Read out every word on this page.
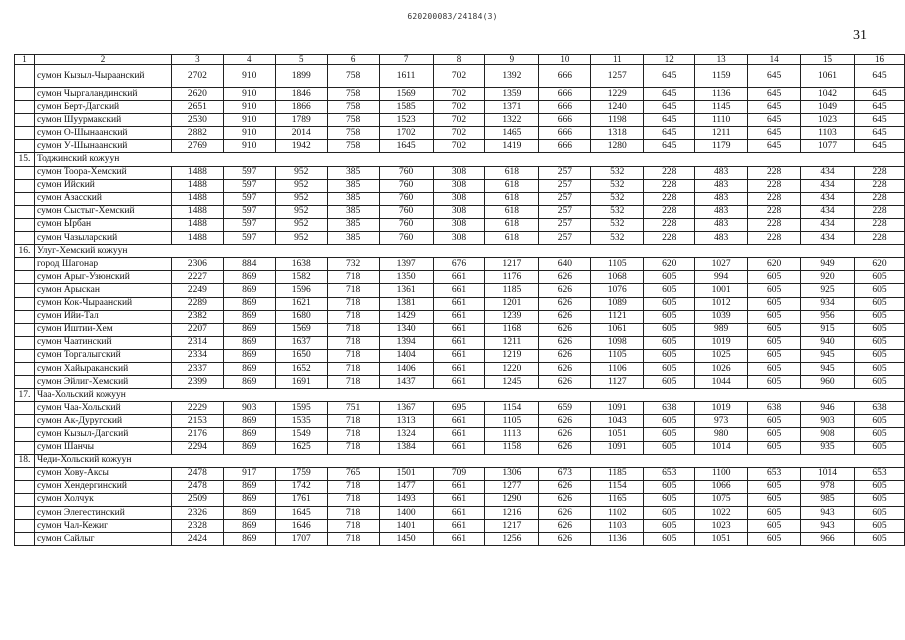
620200083/24184(3)
31
1	2	3	4	5	6	7	8	9	10	11	12	13	14	15	16
	сумон Кызыл-Чыраанский	2702	910	1899	758	1611	702	1392	666	1257	645	1159	645	1061	645
	сумон Чыргаландинский	2620	910	1846	758	1569	702	1359	666	1229	645	1136	645	1042	645
	сумон Берт-Дагский	2651	910	1866	758	1585	702	1371	666	1240	645	1145	645	1049	645
	сумон Шуурмакский	2530	910	1789	758	1523	702	1322	666	1198	645	1110	645	1023	645
	сумон О-Шынаанский	2882	910	2014	758	1702	702	1465	666	1318	645	1211	645	1103	645
	сумон У-Шынаанский	2769	910	1942	758	1645	702	1419	666	1280	645	1179	645	1077	645
15.	Тоджинский кожуун														
	сумон Тоора-Хемский	1488	597	952	385	760	308	618	257	532	228	483	228	434	228
	сумон Ийский	1488	597	952	385	760	308	618	257	532	228	483	228	434	228
	сумон Азасский	1488	597	952	385	760	308	618	257	532	228	483	228	434	228
	сумон Сыстыг-Хемский	1488	597	952	385	760	308	618	257	532	228	483	228	434	228
	сумон Ырбан	1488	597	952	385	760	308	618	257	532	228	483	228	434	228
	сумон Чазыларский	1488	597	952	385	760	308	618	257	532	228	483	228	434	228
16.	Улуг-Хемский кожуун														
	город Шагонар	2306	884	1638	732	1397	676	1217	640	1105	620	1027	620	949	620
	сумон Арыг-Узюнский	2227	869	1582	718	1350	661	1176	626	1068	605	994	605	920	605
	сумон Арыскан	2249	869	1596	718	1361	661	1185	626	1076	605	1001	605	925	605
	сумон Кок-Чыраанский	2289	869	1621	718	1381	661	1201	626	1089	605	1012	605	934	605
	сумон Ийи-Тал	2382	869	1680	718	1429	661	1239	626	1121	605	1039	605	956	605
	сумон Иштии-Хем	2207	869	1569	718	1340	661	1168	626	1061	605	989	605	915	605
	сумон Чаатинский	2314	869	1637	718	1394	661	1211	626	1098	605	1019	605	940	605
	сумон Торгалыгский	2334	869	1650	718	1404	661	1219	626	1105	605	1025	605	945	605
	сумон Хайыраканский	2337	869	1652	718	1406	661	1220	626	1106	605	1026	605	945	605
	сумон Эйлиг-Хемский	2399	869	1691	718	1437	661	1245	626	1127	605	1044	605	960	605
17.	Чаа-Хольский кожуун														
	сумон Чаа-Хольский	2229	903	1595	751	1367	695	1154	659	1091	638	1019	638	946	638
	сумон Ак-Дуругский	2153	869	1535	718	1313	661	1105	626	1043	605	973	605	903	605
	сумон Кызыл-Дагский	2176	869	1549	718	1324	661	1113	626	1051	605	980	605	908	605
	сумон Шанчы	2294	869	1625	718	1384	661	1158	626	1091	605	1014	605	935	605
18.	Чеди-Хольский кожуун														
	сумон Хову-Аксы	2478	917	1759	765	1501	709	1306	673	1185	653	1100	653	1014	653
	сумон Хендергинский	2478	869	1742	718	1477	661	1277	626	1154	605	1066	605	978	605
	сумон Холчук	2509	869	1761	718	1493	661	1290	626	1165	605	1075	605	985	605
	сумон Элегестинский	2326	869	1645	718	1400	661	1216	626	1102	605	1022	605	943	605
	сумон Чал-Кежиг	2328	869	1646	718	1401	661	1217	626	1103	605	1023	605	943	605
	сумон Сайлыг	2424	869	1707	718	1450	661	1256	626	1136	605	1051	605	966	605
